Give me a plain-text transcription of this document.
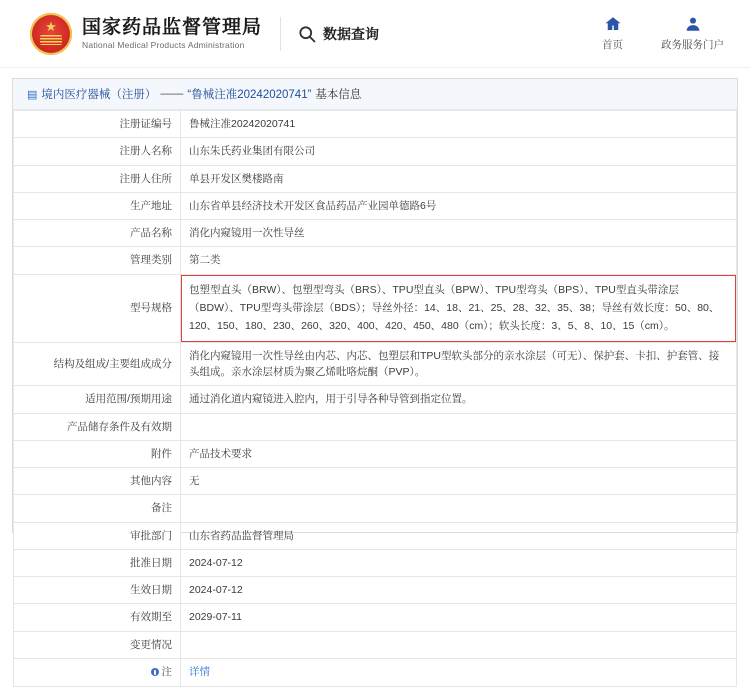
★
国家药品监督管理局
National Medical Products Administration
数据查询
首页	政务服务门户
▤ 境内医疗器械（注册） —— “鲁械注准20242020741” 基本信息
注册证编号	鲁械注准20242020741
注册人名称	山东朱氏药业集团有限公司
注册人住所	单县开发区樊楼路南
生产地址	山东省单县经济技术开发区食品药品产业园单德路6号
产品名称	消化内窥镜用一次性导丝
管理类别	第二类
型号规格	包塑型直头（BRW）、包塑型弯头（BRS）、TPU型直头（BPW）、TPU型弯头（BPS）、TPU型直头带涂层（BDW）、TPU型弯头带涂层（BDS）；导丝外径：14、18、21、25、28、32、35、38；导丝有效长度：50、80、120、150、180、230、260、320、400、420、450、480（cm）；软头长度：3、5、8、10、15（cm）。
结构及组成/主要组成成分	消化内窥镜用一次性导丝由内芯、内芯、包塑层和TPU型软头部分的亲水涂层（可无）、保护套、卡扣、护套管、接头组成。亲水涂层材质为聚乙烯吡咯烷酮（PVP）。
适用范围/预期用途	通过消化道内窥镜进入腔内，用于引导各种导管到指定位置。
产品储存条件及有效期	
附件	产品技术要求
其他内容	无
备注	
审批部门	山东省药品监督管理局
批准日期	2024-07-12
生效日期	2024-07-12
有效期至	2029-07-11
变更情况	

注	详情
